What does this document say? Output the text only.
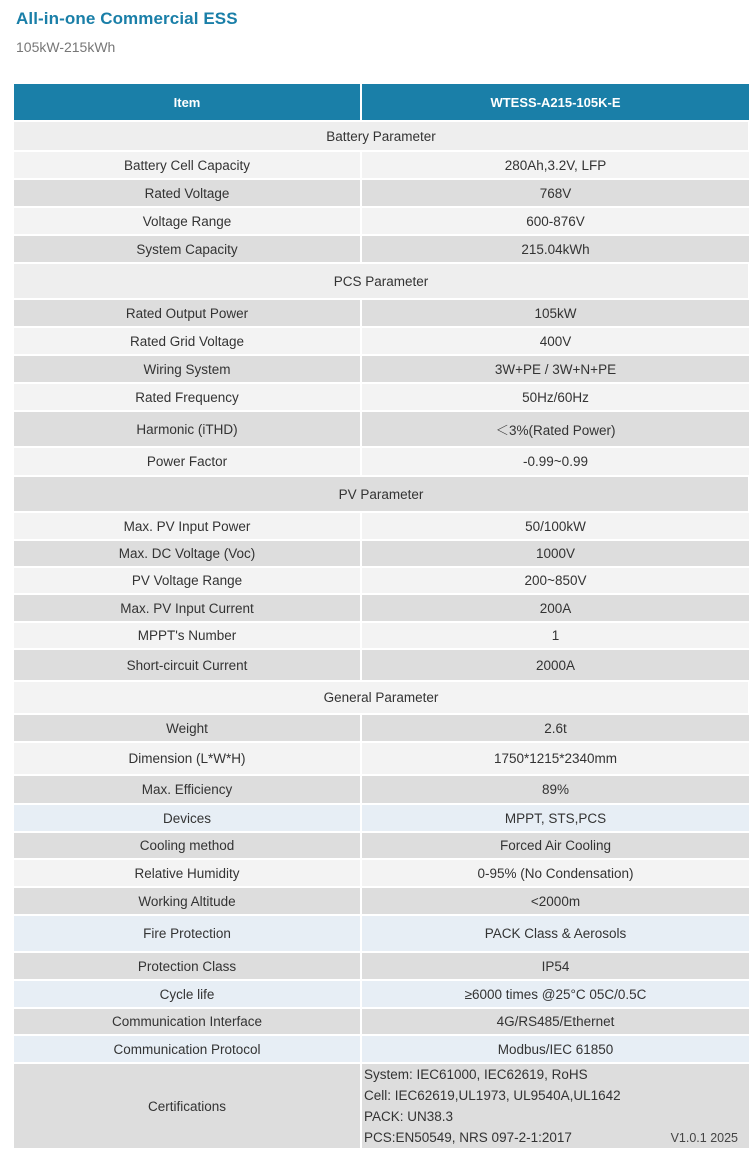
All-in-one Commercial ESS
105kW-215kWh
Item	WTESS-A215-105K-E
Battery Parameter	
Battery Cell Capacity	280Ah,3.2V, LFP
Rated Voltage	768V
Voltage Range	600-876V
System Capacity	215.04kWh
PCS Parameter	
Rated Output Power	105kW
Rated Grid Voltage	400V
Wiring System	3W+PE / 3W+N+PE
Rated Frequency	50Hz/60Hz
Harmonic (iTHD)	＜3%(Rated Power)
Power Factor	-0.99~0.99
PV Parameter	
Max. PV Input Power	50/100kW
Max. DC Voltage (Voc)	1000V
PV Voltage Range	200~850V
Max. PV Input Current	200A
MPPT's Number	1
Short-circuit Current	2000A
General Parameter	
Weight	2.6t
Dimension (L*W*H)	1750*1215*2340mm
Max. Efficiency	89%
Devices	MPPT, STS,PCS
Cooling method	Forced Air Cooling
Relative Humidity	0-95% (No Condensation)
Working Altitude	<2000m
Fire Protection	PACK Class & Aerosols
Protection Class	IP54
Cycle life	≥6000 times @25°C 05C/0.5C
Communication Interface	4G/RS485/Ethernet
Communication Protocol	Modbus/IEC 61850
Certifications	System: IEC61000, IEC62619, RoHS
Cell: IEC62619,UL1973, UL9540A,UL1642
PACK: UN38.3
PCS:EN50549, NRS 097-2-1:2017	V1.0.1 2025
